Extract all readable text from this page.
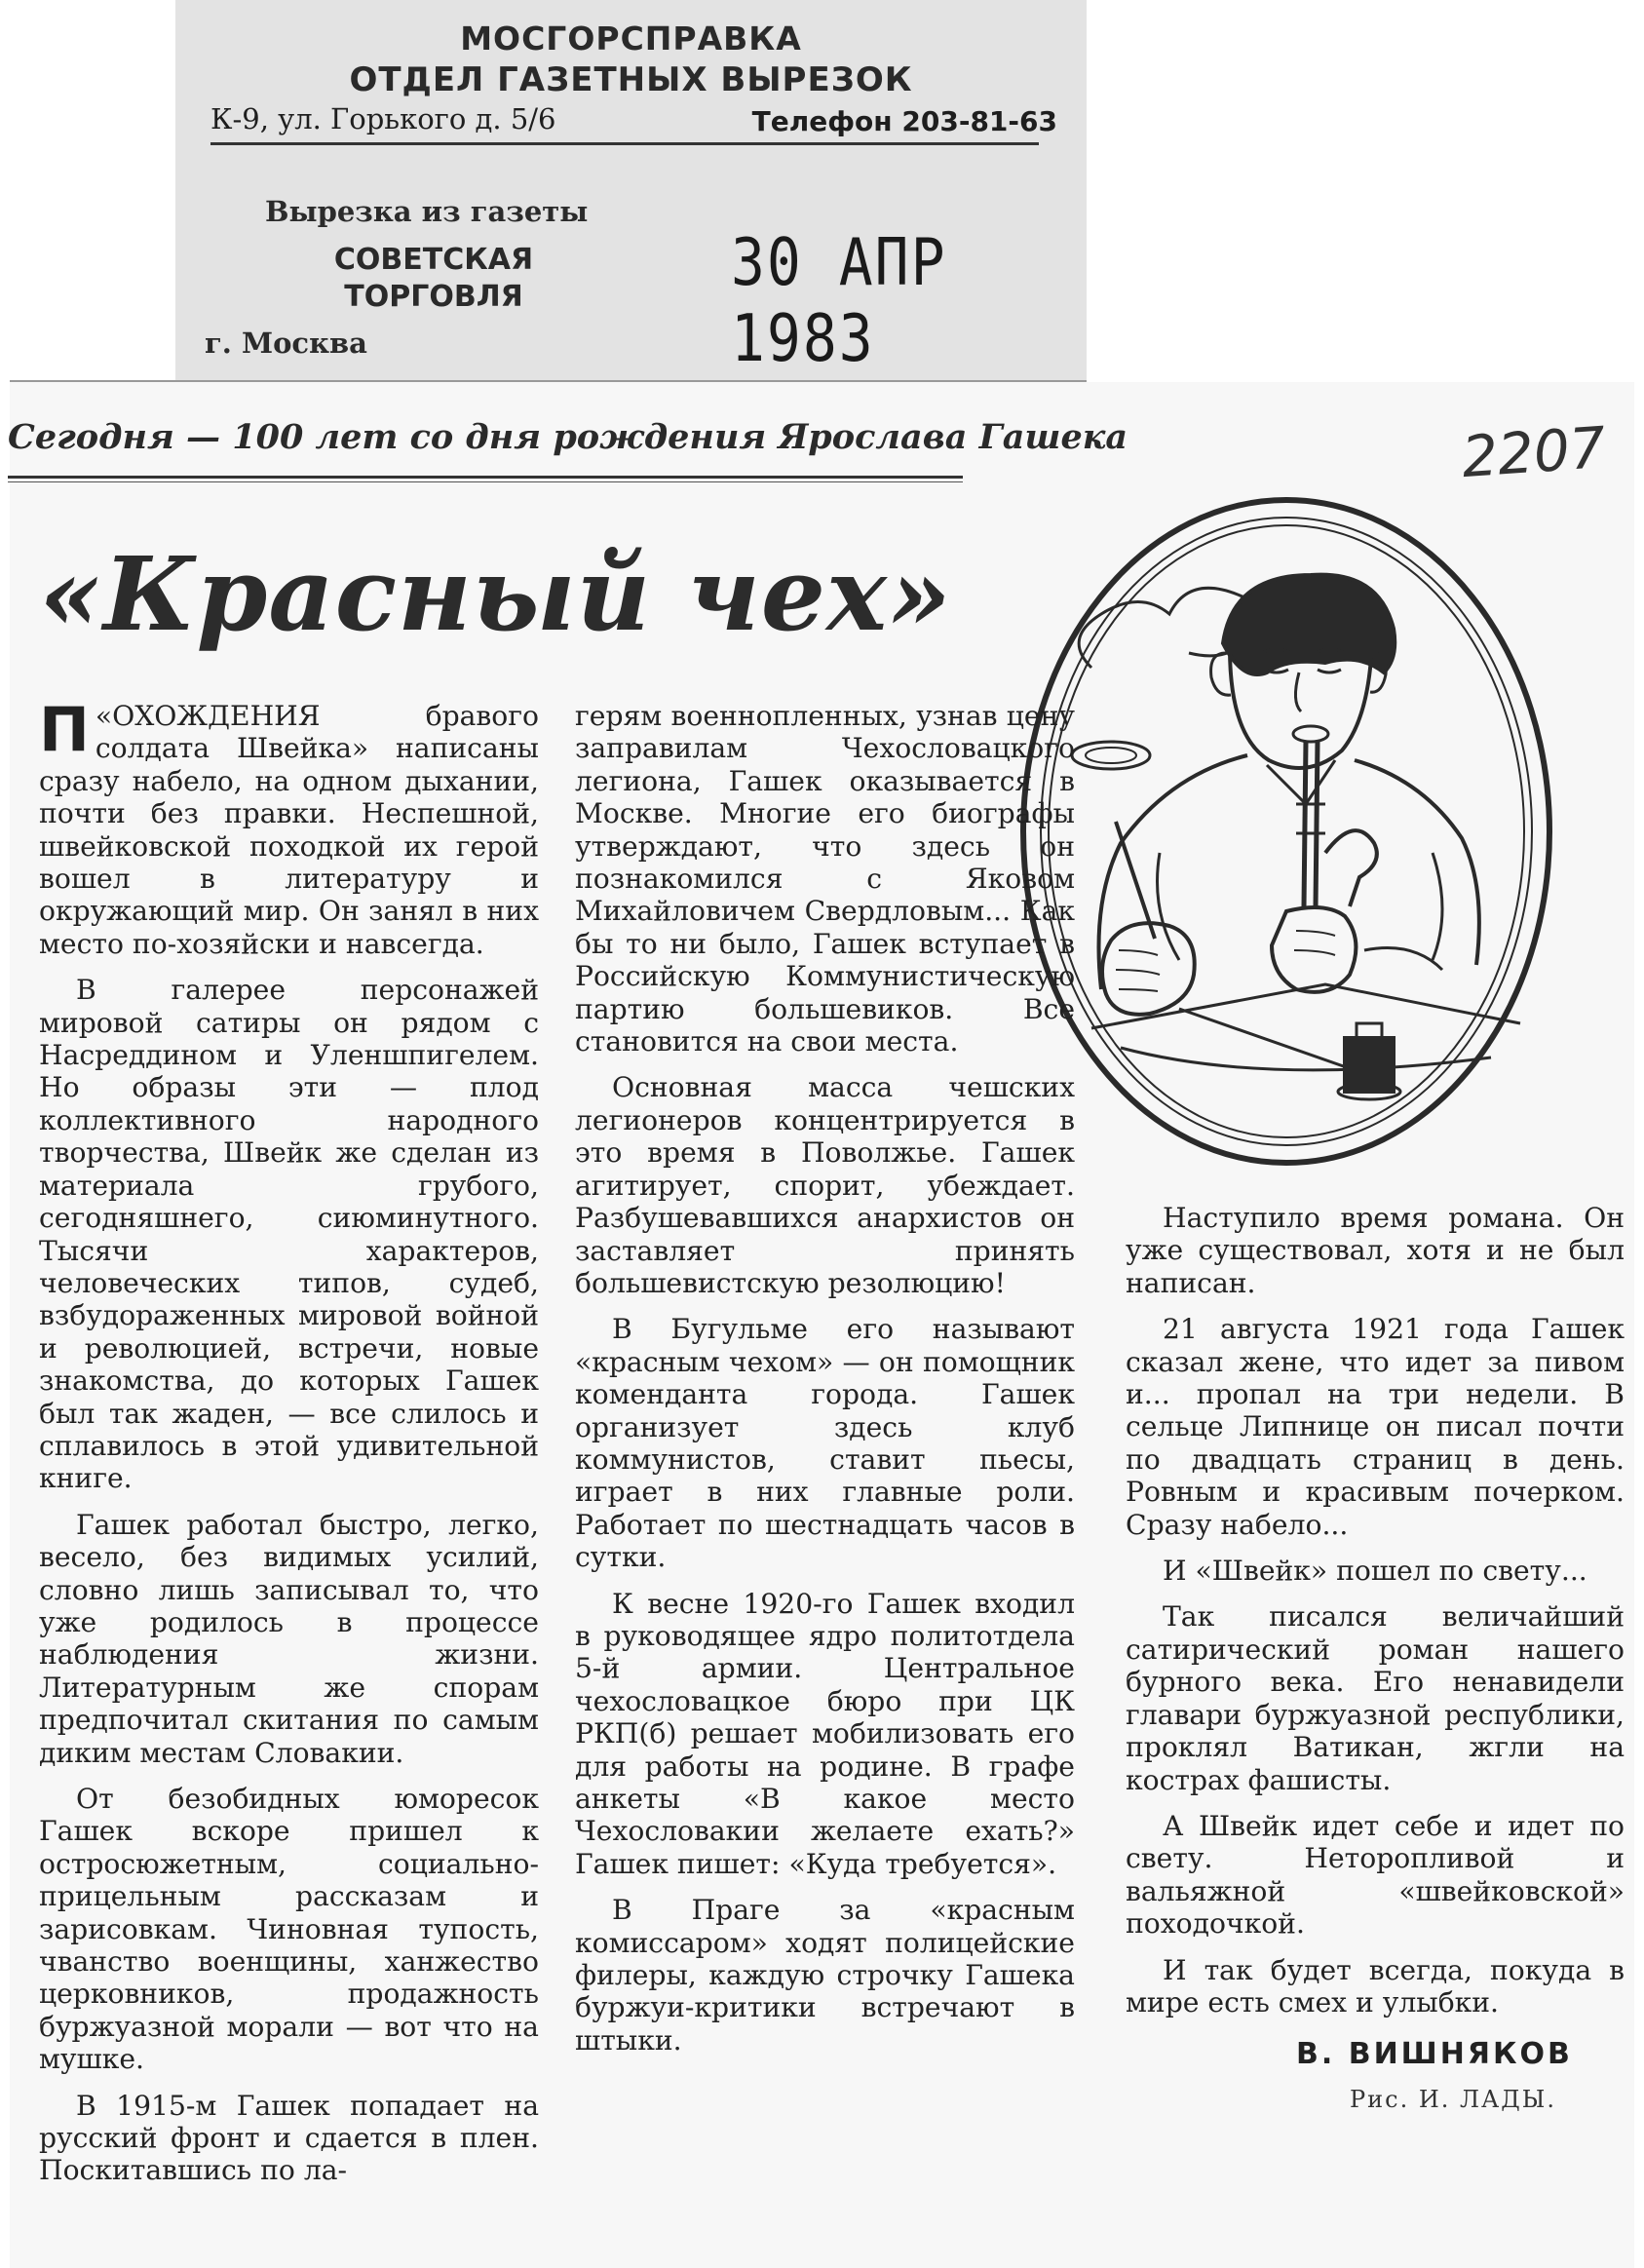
МОСГОРСПРАВКА
ОТДЕЛ ГАЗЕТНЫХ ВЫРЕЗОК
К-9, ул. Горького д. 5/6	Телефон 203-81-63
Вырезка из газеты
СОВЕТСКАЯ
ТОРГОВЛЯ	30 АПР 1983
г. Москва
Сегодня — 100 лет со дня рождения Ярослава Гашека	2207
«Красный чех»

П «ОХОЖДЕНИЯ бравого солдата Швейка» написаны сразу набело, на одном дыхании, почти без правки. Неспешной, швейковской походкой их герой вошел в литературу и окружающий мир. Он занял в них место по-хозяйски и навсегда.

В галерее персонажей мировой сатиры он рядом с Насреддином и Уленшпигелем. Но образы эти — плод коллективного народного творчества, Швейк же сделан из материала грубого, сегодняшнего, сиюминутного. Тысячи характеров, человеческих типов, судеб, взбудораженных мировой войной и революцией, встречи, новые знакомства, до которых Гашек был так жаден, — все слилось и сплавилось в этой удивительной книге.

Гашек работал быстро, легко, весело, без видимых усилий, словно лишь записывал то, что уже родилось в процессе наблюдения жизни. Литературным же спорам предпочитал скитания по самым диким местам Словакии.

От безобидных юморесок Гашек вскоре пришел к остросюжетным, социально-прицельным рассказам и зарисовкам. Чиновная тупость, чванство военщины, ханжество церковников, продажность буржуазной морали — вот что на мушке.

В 1915-м Гашек попадает на русский фронт и сдается в плен. Поскитавшись по ла-

герям военнопленных, узнав цену заправилам Чехословацкого легиона, Гашек оказывается в Москве. Многие его биографы утверждают, что здесь он познакомился с Яковом Михайловичем Свердловым... Как бы то ни было, Гашек вступает в Российскую Коммунистическую партию большевиков. Все становится на свои места.

Основная масса чешских легионеров концентрируется в это время в Поволжье. Гашек агитирует, спорит, убеждает. Разбушевавшихся анархистов он заставляет принять большевистскую резолюцию!

В Бугульме его называют «красным чехом» — он помощник коменданта города. Гашек организует здесь клуб коммунистов, ставит пьесы, играет в них главные роли. Работает по шестнадцать часов в сутки.

К весне 1920-го Гашек входил в руководящее ядро политотдела 5-й армии. Центральное чехословацкое бюро при ЦК РКП(б) решает мобилизовать его для работы на родине. В графе анкеты «В какое место Чехословакии желаете ехать?» Гашек пишет: «Куда требуется».

В Праге за «красным комиссаром» ходят полицейские филеры, каждую строчку Гашека буржуи-критики встречают в штыки.

Наступило время романа. Он уже существовал, хотя и не был написан.

21 августа 1921 года Гашек сказал жене, что идет за пивом и... пропал на три недели. В сельце Липнице он писал почти по двадцать страниц в день. Ровным и красивым почерком. Сразу набело...

И «Швейк» пошел по свету...

Так писался величайший сатирический роман нашего бурного века. Его ненавидели главари буржуазной республики, проклял Ватикан, жгли на кострах фашисты.

А Швейк идет себе и идет по свету. Неторопливой и вальяжной «швейковской» походочкой.

И так будет всегда, покуда в мире есть смех и улыбки.

В. ВИШНЯКОВ
Рис. И. ЛАДЫ.
